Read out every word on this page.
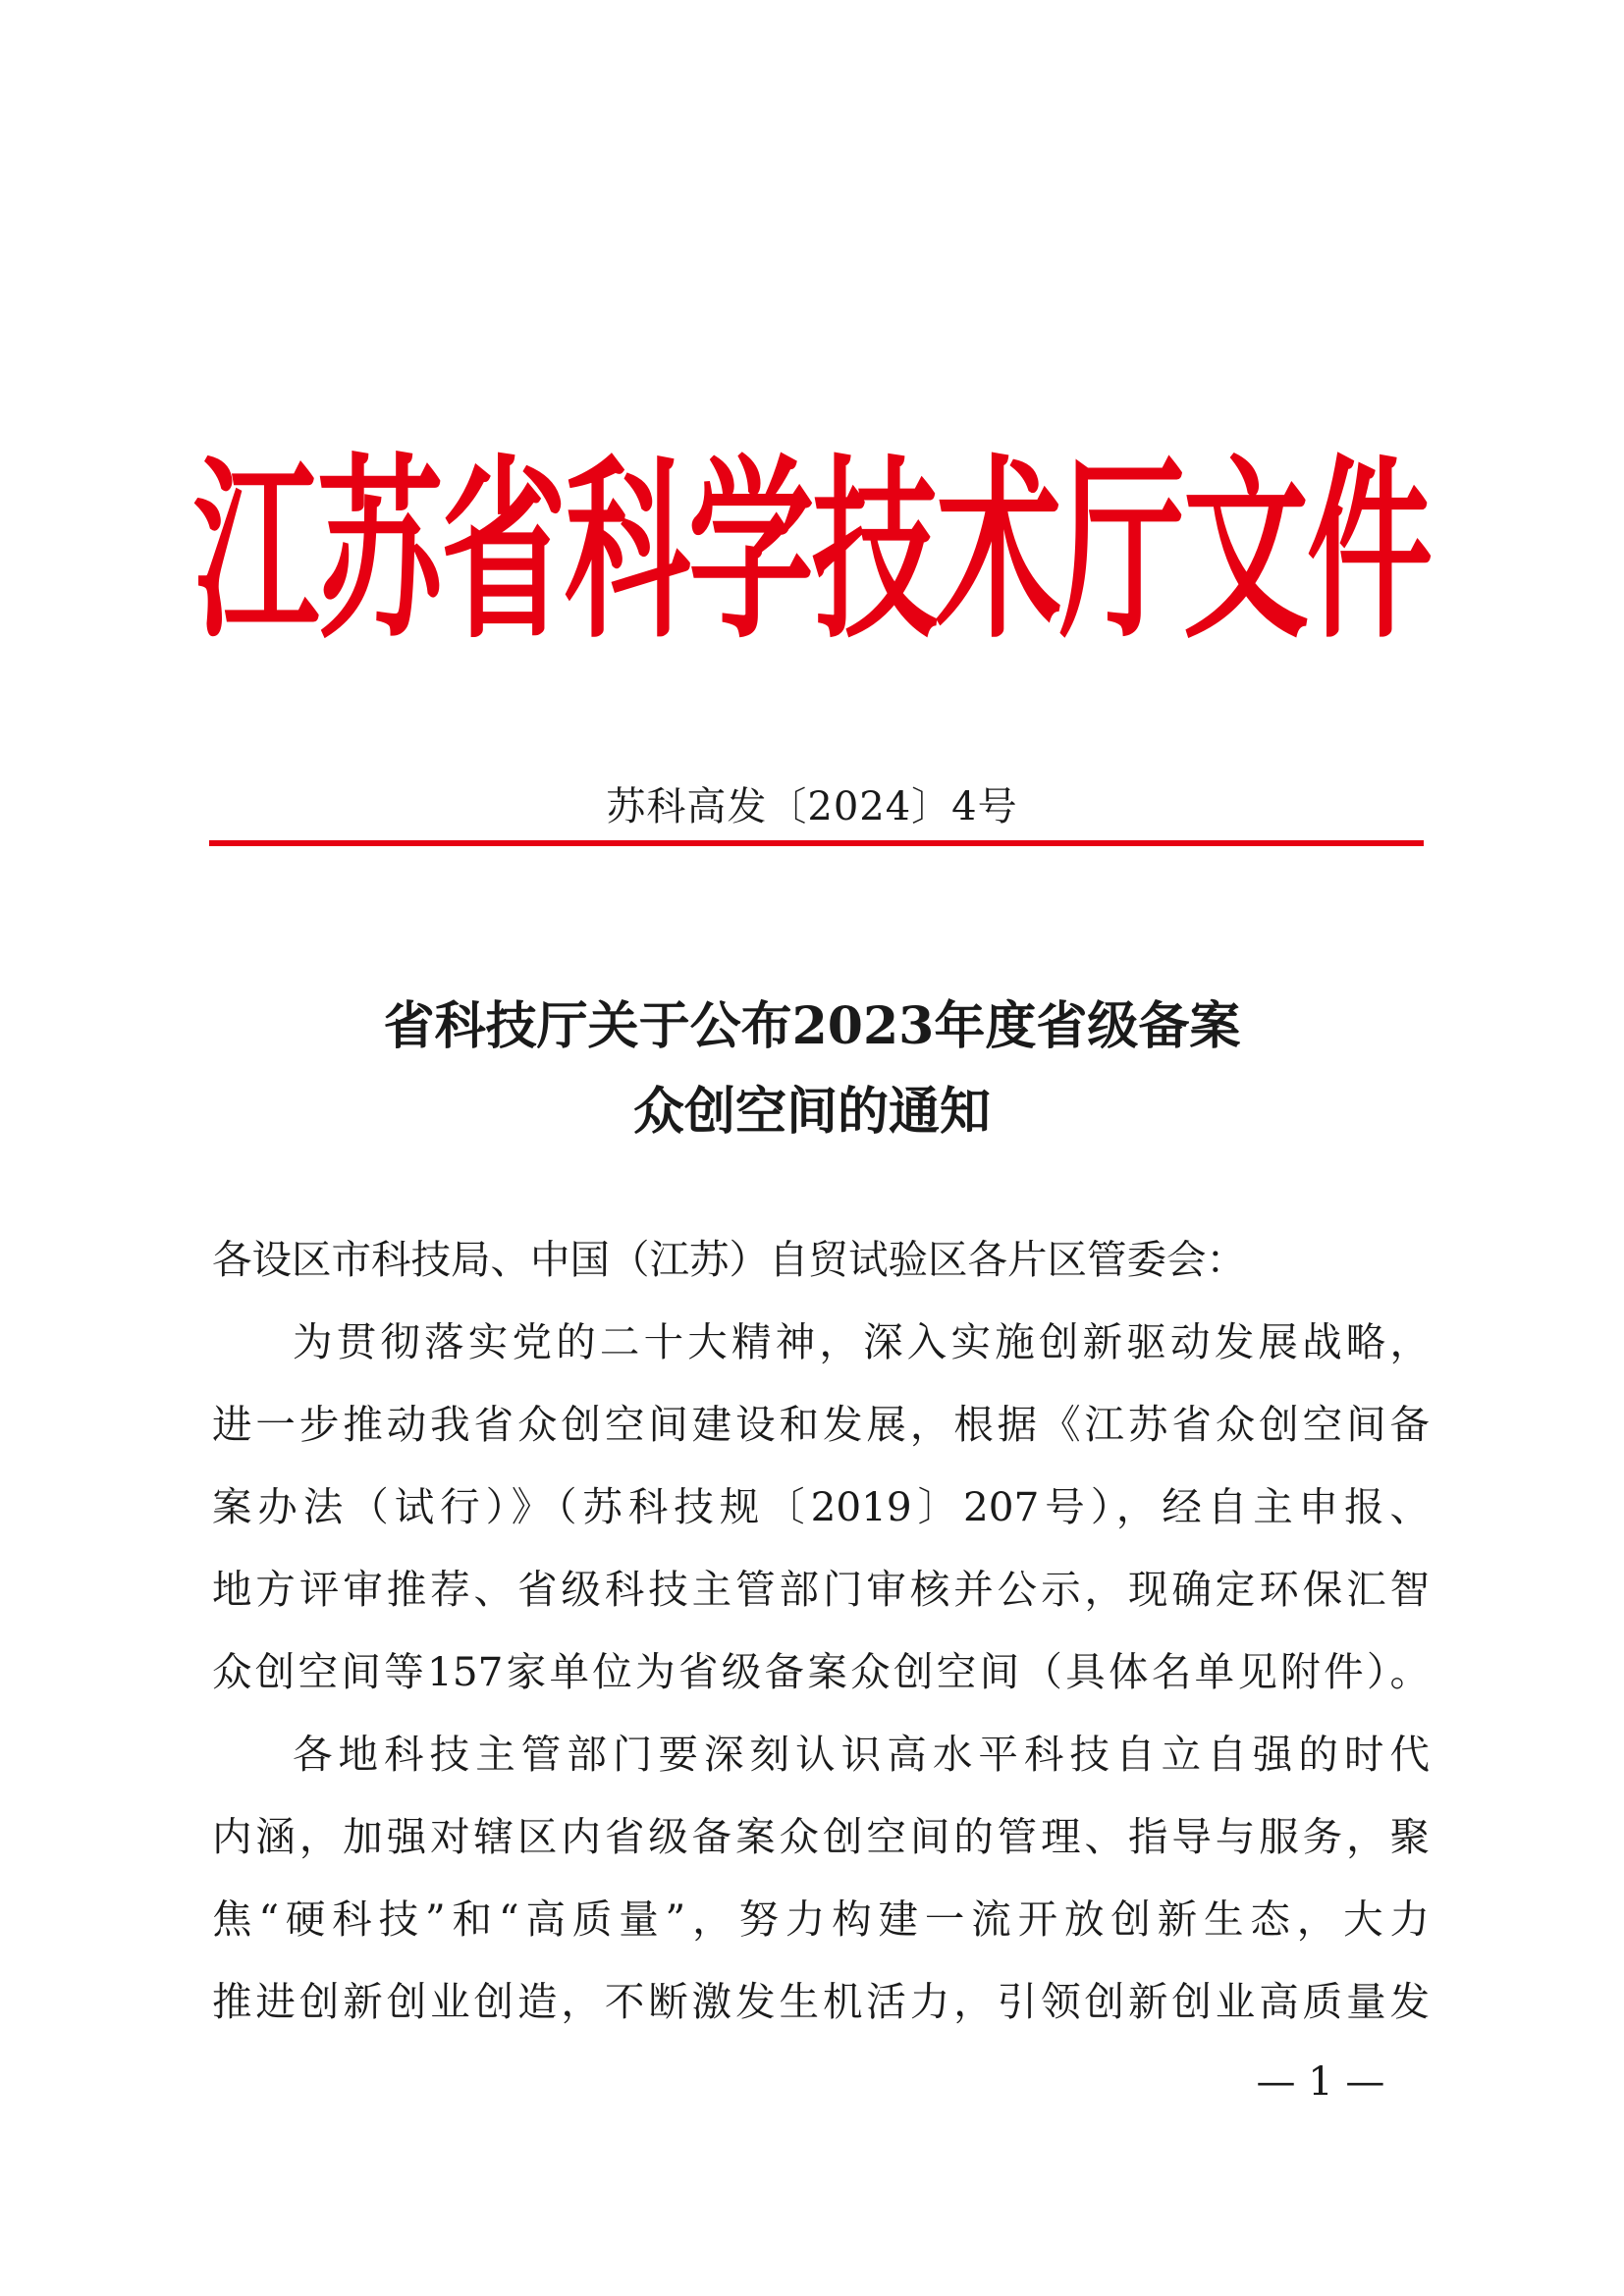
江苏省科学技术厅文件
苏科高发〔2024〕4号
省科技厅关于公布2023年度省级备案
众创空间的通知
各设区市科技局、中国（江苏）自贸试验区各片区管委会：
为贯彻落实党的二十大精神，深入实施创新驱动发展战略，
进一步推动我省众创空间建设和发展，根据《江苏省众创空间备
案办法（试行）》（苏科技规〔2019〕207号），经自主申报、
地方评审推荐、省级科技主管部门审核并公示，现确定环保汇智
众创空间等157家单位为省级备案众创空间（具体名单见附件）。
各地科技主管部门要深刻认识高水平科技自立自强的时代
内涵，加强对辖区内省级备案众创空间的管理、指导与服务，聚
焦“硬科技”和“高质量”，努力构建一流开放创新生态，大力
推进创新创业创造，不断激发生机活力，引领创新创业高质量发
— 1 —
